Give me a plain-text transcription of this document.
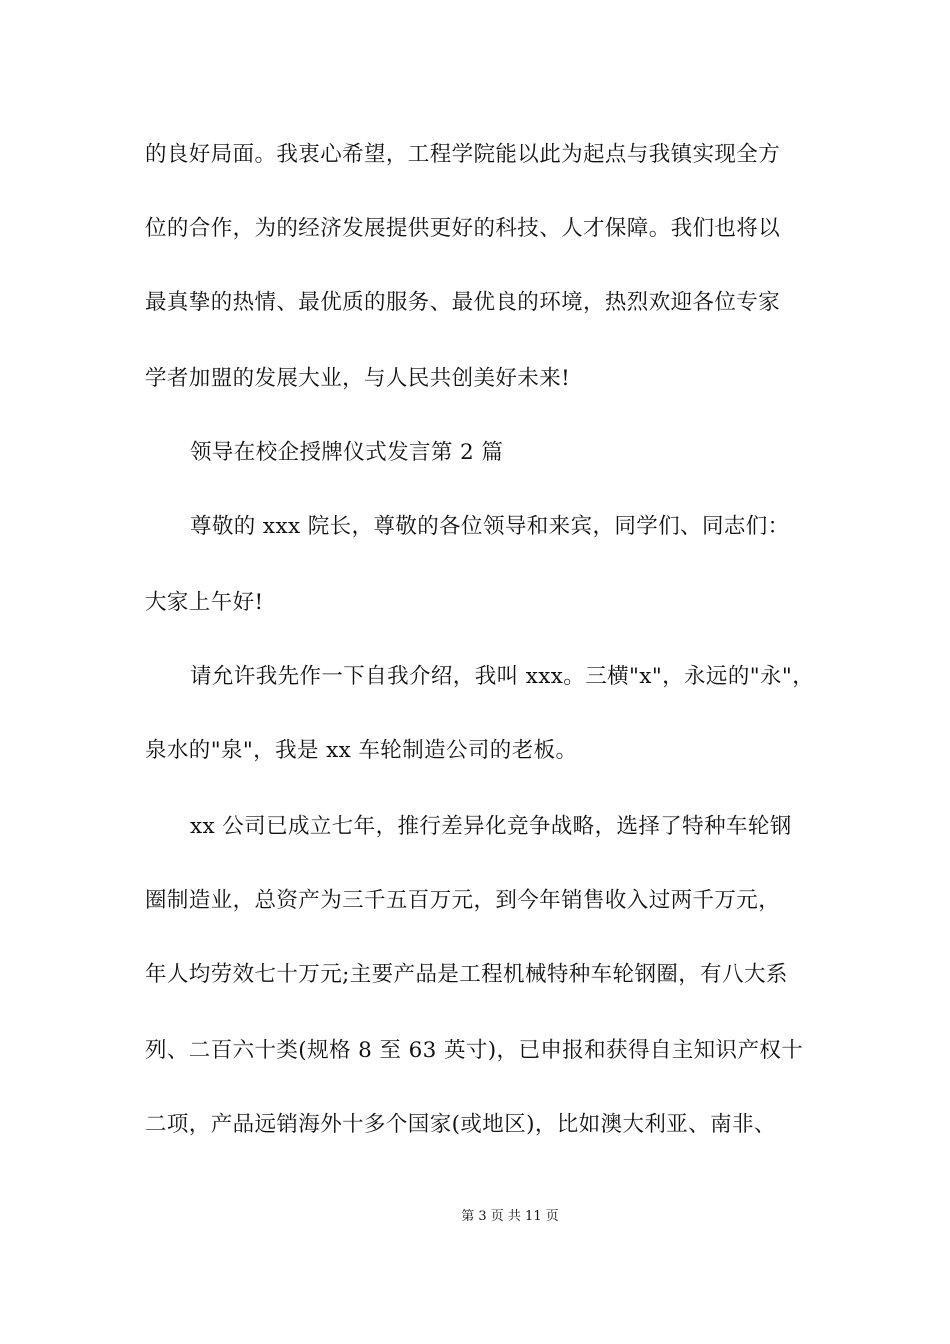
的良好局面。我衷心希望，工程学院能以此为起点与我镇实现全方
位的合作，为的经济发展提供更好的科技、人才保障。我们也将以
最真挚的热情、最优质的服务、最优良的环境，热烈欢迎各位专家
学者加盟的发展大业，与人民共创美好未来!
领导在校企授牌仪式发言第 2 篇
尊敬的 xxx 院长，尊敬的各位领导和来宾，同学们、同志们：
大家上午好!
请允许我先作一下自我介绍，我叫 xxx。三横"x"，永远的"永"，
泉水的"泉"，我是 xx 车轮制造公司的老板。
xx 公司已成立七年，推行差异化竞争战略，选择了特种车轮钢
圈制造业，总资产为三千五百万元，到今年销售收入过两千万元，
年人均劳效七十万元;主要产品是工程机械特种车轮钢圈，有八大系
列、二百六十类(规格 8 至 63 英寸)，已申报和获得自主知识产权十
二项，产品远销海外十多个国家(或地区)，比如澳大利亚、南非、
第 3 页 共 11 页
